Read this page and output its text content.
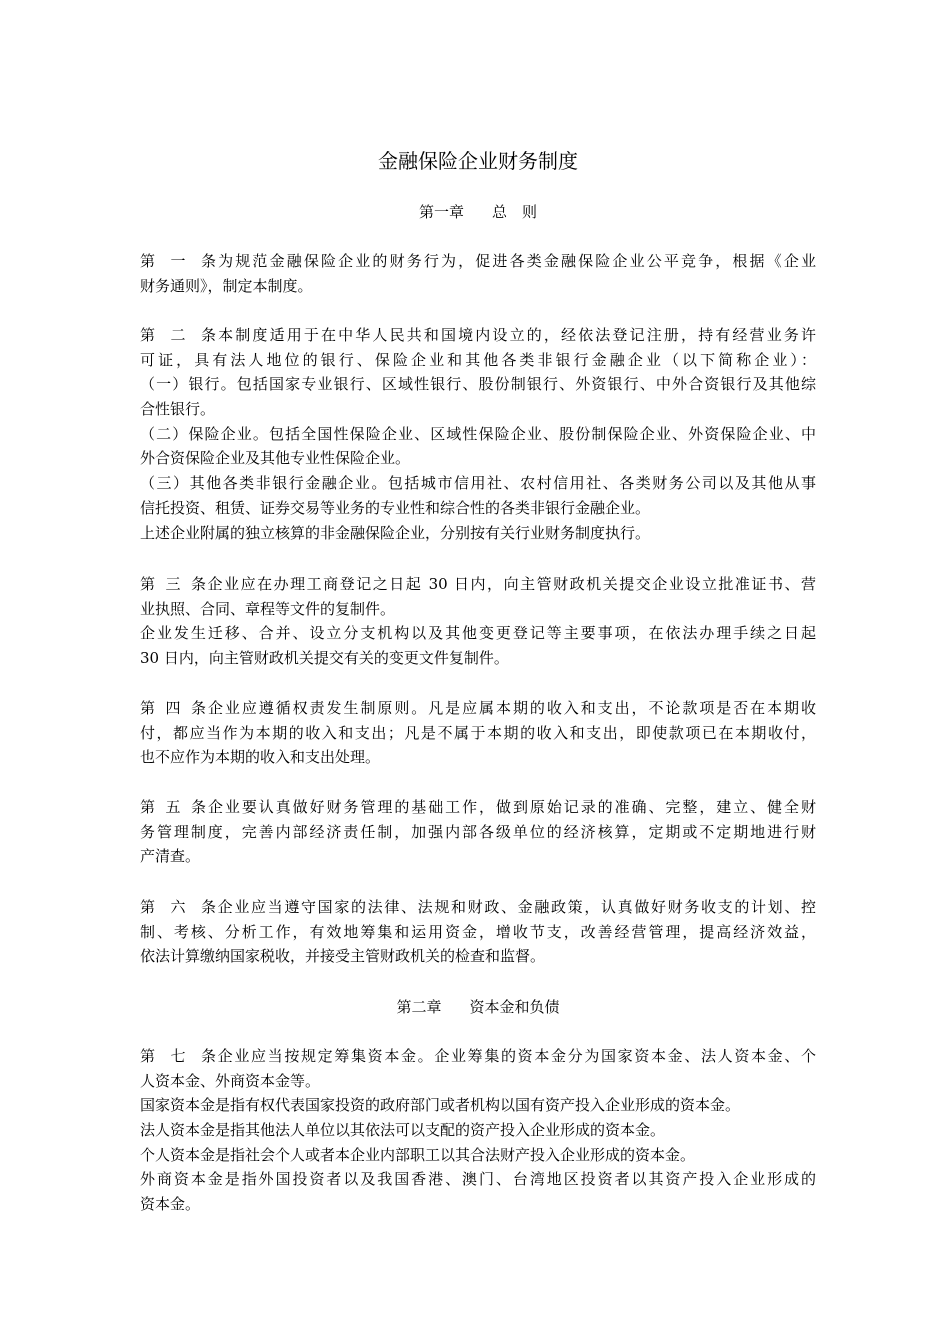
金融保险企业财务制度
第一章 总　则
第一条为规范金融保险企业的财务行为，促进各类金融保险企业公平竞争，根据《企业
财务通则》，制定本制度。
第二条本制度适用于在中华人民共和国境内设立的，经依法登记注册，持有经营业务许
可证，具有法人地位的银行、保险企业和其他各类非银行金融企业（以下简称企业）：
（一）银行。包括国家专业银行、区域性银行、股份制银行、外资银行、中外合资银行及其他综
合性银行。
（二）保险企业。包括全国性保险企业、区域性保险企业、股份制保险企业、外资保险企业、中
外合资保险企业及其他专业性保险企业。
（三）其他各类非银行金融企业。包括城市信用社、农村信用社、各类财务公司以及其他从事
信托投资、租赁、证券交易等业务的专业性和综合性的各类非银行金融企业。
上述企业附属的独立核算的非金融保险企业，分别按有关行业财务制度执行。
第三条企业应在办理工商登记之日起 30 日内，向主管财政机关提交企业设立批准证书、营
业执照、合同、章程等文件的复制件。
企业发生迁移、合并、设立分支机构以及其他变更登记等主要事项，在依法办理手续之日起
30 日内，向主管财政机关提交有关的变更文件复制件。
第四条企业应遵循权责发生制原则。凡是应属本期的收入和支出，不论款项是否在本期收
付，都应当作为本期的收入和支出；凡是不属于本期的收入和支出，即使款项已在本期收付，
也不应作为本期的收入和支出处理。
第五条企业要认真做好财务管理的基础工作，做到原始记录的准确、完整，建立、健全财
务管理制度，完善内部经济责任制，加强内部各级单位的经济核算，定期或不定期地进行财
产清查。
第六条企业应当遵守国家的法律、法规和财政、金融政策，认真做好财务收支的计划、控
制、考核、分析工作，有效地筹集和运用资金，增收节支，改善经营管理，提高经济效益，
依法计算缴纳国家税收，并接受主管财政机关的检查和监督。
第二章 资本金和负债
第七条企业应当按规定筹集资本金。企业筹集的资本金分为国家资本金、法人资本金、个
人资本金、外商资本金等。
国家资本金是指有权代表国家投资的政府部门或者机构以国有资产投入企业形成的资本金。
法人资本金是指其他法人单位以其依法可以支配的资产投入企业形成的资本金。
个人资本金是指社会个人或者本企业内部职工以其合法财产投入企业形成的资本金。
外商资本金是指外国投资者以及我国香港、澳门、台湾地区投资者以其资产投入企业形成的
资本金。
